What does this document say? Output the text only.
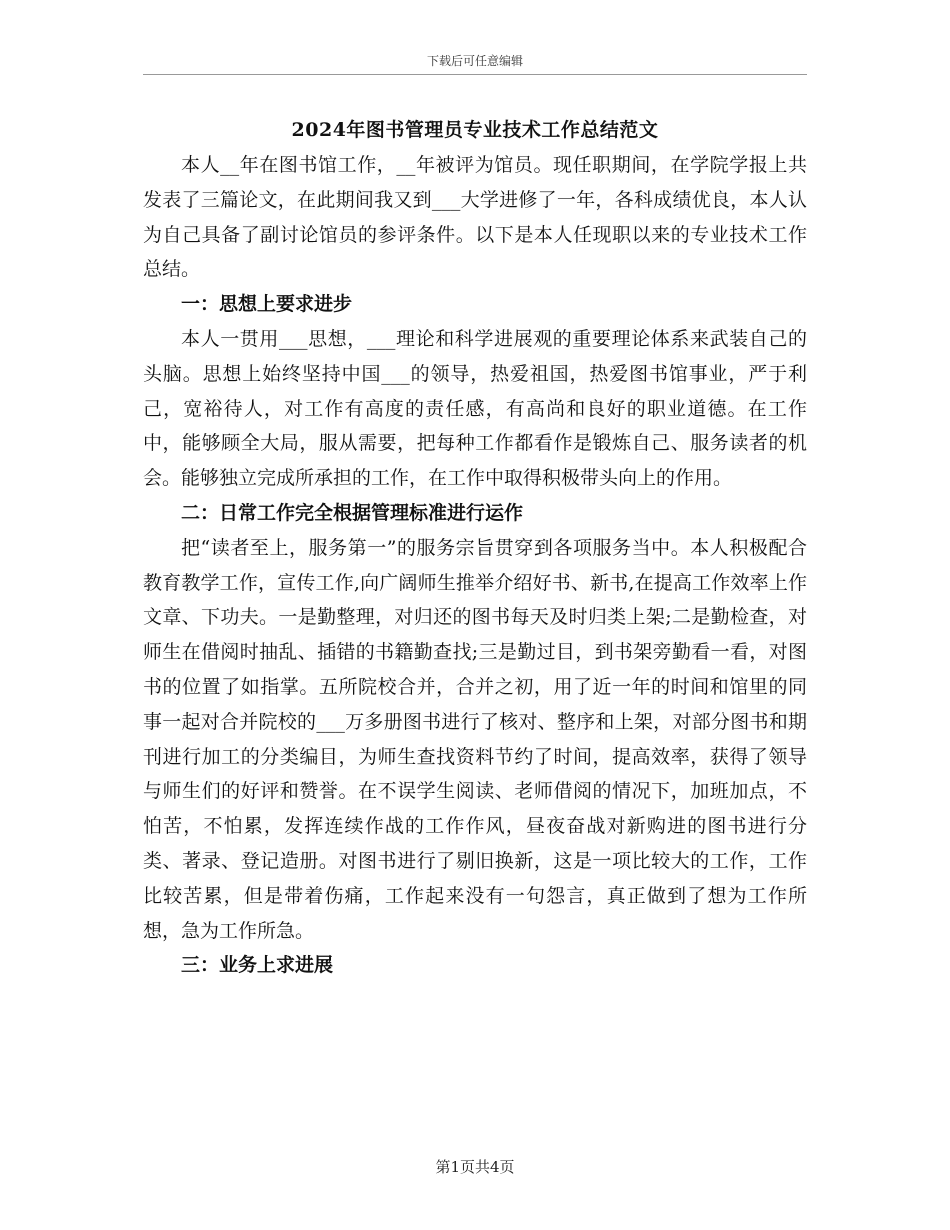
下载后可任意编辑
2024年图书管理员专业技术工作总结范文

本人__年在图书馆工作，__年被评为馆员。现任职期间，在学院学报上共发表了三篇论文，在此期间我又到___大学进修了一年，各科成绩优良，本人认为自己具备了副讨论馆员的参评条件。以下是本人任现职以来的专业技术工作总结。

一：思想上要求进步

本人一贯用___思想，___理论和科学进展观的重要理论体系来武装自己的头脑。思想上始终坚持中国___的领导，热爱祖国，热爱图书馆事业，严于利己，宽裕待人，对工作有高度的责任感，有高尚和良好的职业道德。在工作中，能够顾全大局，服从需要，把每种工作都看作是锻炼自己、服务读者的机会。能够独立完成所承担的工作，在工作中取得积极带头向上的作用。

二：日常工作完全根据管理标准进行运作

把“读者至上，服务第一”的服务宗旨贯穿到各项服务当中。本人积极配合教育教学工作，宣传工作,向广阔师生推举介绍好书、新书,在提高工作效率上作文章、下功夫。一是勤整理，对归还的图书每天及时归类上架;二是勤检查，对师生在借阅时抽乱、插错的书籍勤查找;三是勤过目，到书架旁勤看一看，对图书的位置了如指掌。五所院校合并，合并之初，用了近一年的时间和馆里的同事一起对合并院校的___万多册图书进行了核对、整序和上架，对部分图书和期刊进行加工的分类编目，为师生查找资料节约了时间，提高效率，获得了领导与师生们的好评和赞誉。在不误学生阅读、老师借阅的情况下，加班加点，不怕苦，不怕累，发挥连续作战的工作作风，昼夜奋战对新购进的图书进行分类、著录、登记造册。对图书进行了剔旧换新，这是一项比较大的工作，工作比较苦累，但是带着伤痛，工作起来没有一句怨言，真正做到了想为工作所想，急为工作所急。

三：业务上求进展

第1页共4页
